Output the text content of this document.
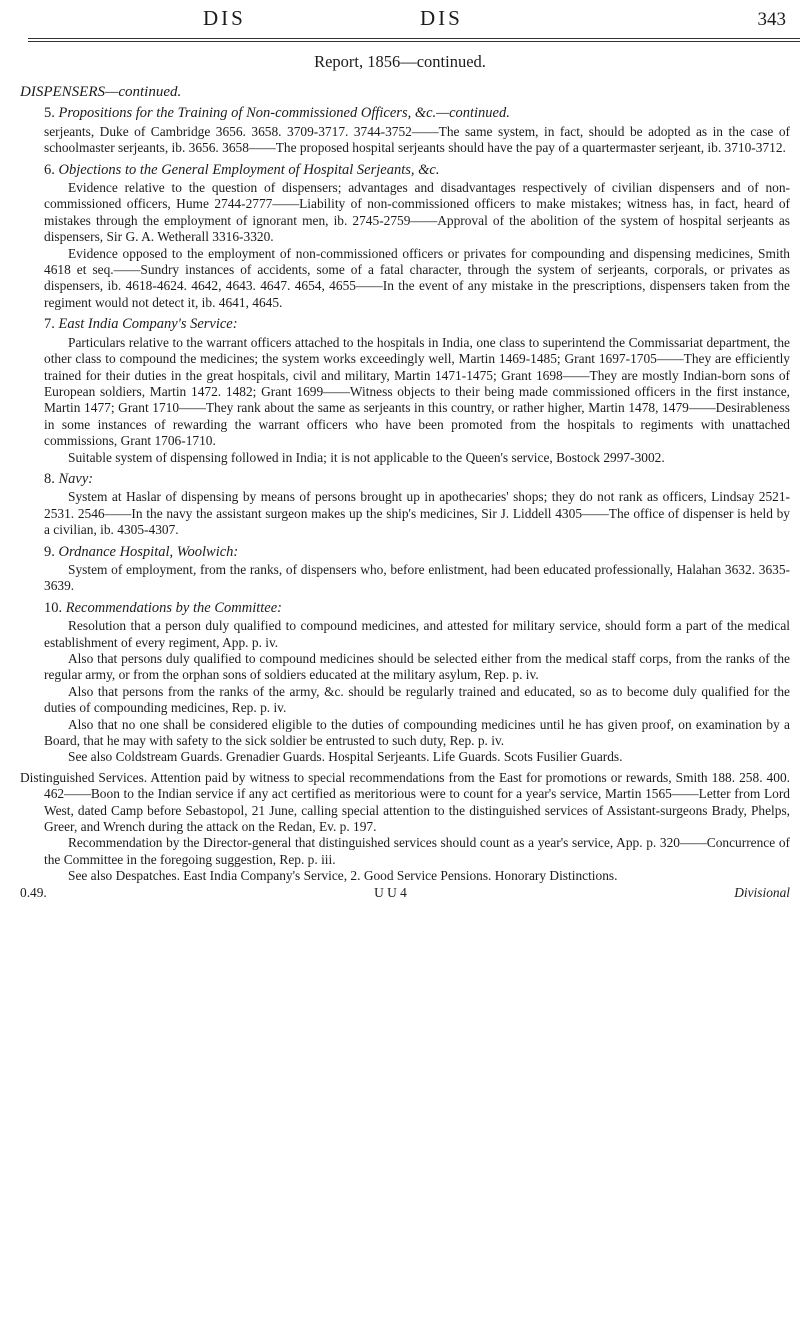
DIS	DIS	343
Report, 1856—continued.

DISPENSERS—continued.

5. Propositions for the Training of Non-commissioned Officers, &c.—continued.

serjeants, Duke of Cambridge 3656. 3658. 3709-3717. 3744-3752——The same system, in fact, should be adopted as in the case of schoolmaster serjeants, ib. 3656. 3658——The proposed hospital serjeants should have the pay of a quartermaster serjeant, ib. 3710-3712.

6. Objections to the General Employment of Hospital Serjeants, &c.

Evidence relative to the question of dispensers; advantages and disadvantages respectively of civilian dispensers and of non-commissioned officers, Hume 2744-2777——Liability of non-commissioned officers to make mistakes; witness has, in fact, heard of mistakes through the employment of ignorant men, ib. 2745-2759——Approval of the abolition of the system of hospital serjeants as dispensers, Sir G. A. Wetherall 3316-3320.

Evidence opposed to the employment of non-commissioned officers or privates for compounding and dispensing medicines, Smith 4618 et seq.——Sundry instances of accidents, some of a fatal character, through the system of serjeants, corporals, or privates as dispensers, ib. 4618-4624. 4642, 4643. 4647. 4654, 4655——In the event of any mistake in the prescriptions, dispensers taken from the regiment would not detect it, ib. 4641, 4645.

7. East India Company's Service:

Particulars relative to the warrant officers attached to the hospitals in India, one class to superintend the Commissariat department, the other class to compound the medicines; the system works exceedingly well, Martin 1469-1485; Grant 1697-1705——They are efficiently trained for their duties in the great hospitals, civil and military, Martin 1471-1475; Grant 1698——They are mostly Indian-born sons of European soldiers, Martin 1472. 1482; Grant 1699——Witness objects to their being made commissioned officers in the first instance, Martin 1477; Grant 1710——They rank about the same as serjeants in this country, or rather higher, Martin 1478, 1479——Desirableness in some instances of rewarding the warrant officers who have been promoted from the hospitals to regiments with unattached commissions, Grant 1706-1710.

Suitable system of dispensing followed in India; it is not applicable to the Queen's service, Bostock 2997-3002.

8. Navy:

System at Haslar of dispensing by means of persons brought up in apothecaries' shops; they do not rank as officers, Lindsay 2521-2531. 2546——In the navy the assistant surgeon makes up the ship's medicines, Sir J. Liddell 4305——The office of dispenser is held by a civilian, ib. 4305-4307.

9. Ordnance Hospital, Woolwich:

System of employment, from the ranks, of dispensers who, before enlistment, had been educated professionally, Halahan 3632. 3635-3639.

10. Recommendations by the Committee:

Resolution that a person duly qualified to compound medicines, and attested for military service, should form a part of the medical establishment of every regiment, App. p. iv.

Also that persons duly qualified to compound medicines should be selected either from the medical staff corps, from the ranks of the regular army, or from the orphan sons of soldiers educated at the military asylum, Rep. p. iv.

Also that persons from the ranks of the army, &c. should be regularly trained and educated, so as to become duly qualified for the duties of compounding medicines, Rep. p. iv.

Also that no one shall be considered eligible to the duties of compounding medicines until he has given proof, on examination by a Board, that he may with safety to the sick soldier be entrusted to such duty, Rep. p. iv.

See also Coldstream Guards. Grenadier Guards. Hospital Serjeants. Life Guards. Scots Fusilier Guards.

Distinguished Services. Attention paid by witness to special recommendations from the East for promotions or rewards, Smith 188. 258. 400. 462——Boon to the Indian service if any act certified as meritorious were to count for a year's service, Martin 1565——Letter from Lord West, dated Camp before Sebastopol, 21 June, calling special attention to the distinguished services of Assistant-surgeons Brady, Phelps, Greer, and Wrench during the attack on the Redan, Ev. p. 197.

Recommendation by the Director-general that distinguished services should count as a year's service, App. p. 320——Concurrence of the Committee in the foregoing suggestion, Rep. p. iii.

See also Despatches. East India Company's Service, 2. Good Service Pensions. Honorary Distinctions.

0.49.	U U 4	Divisional
